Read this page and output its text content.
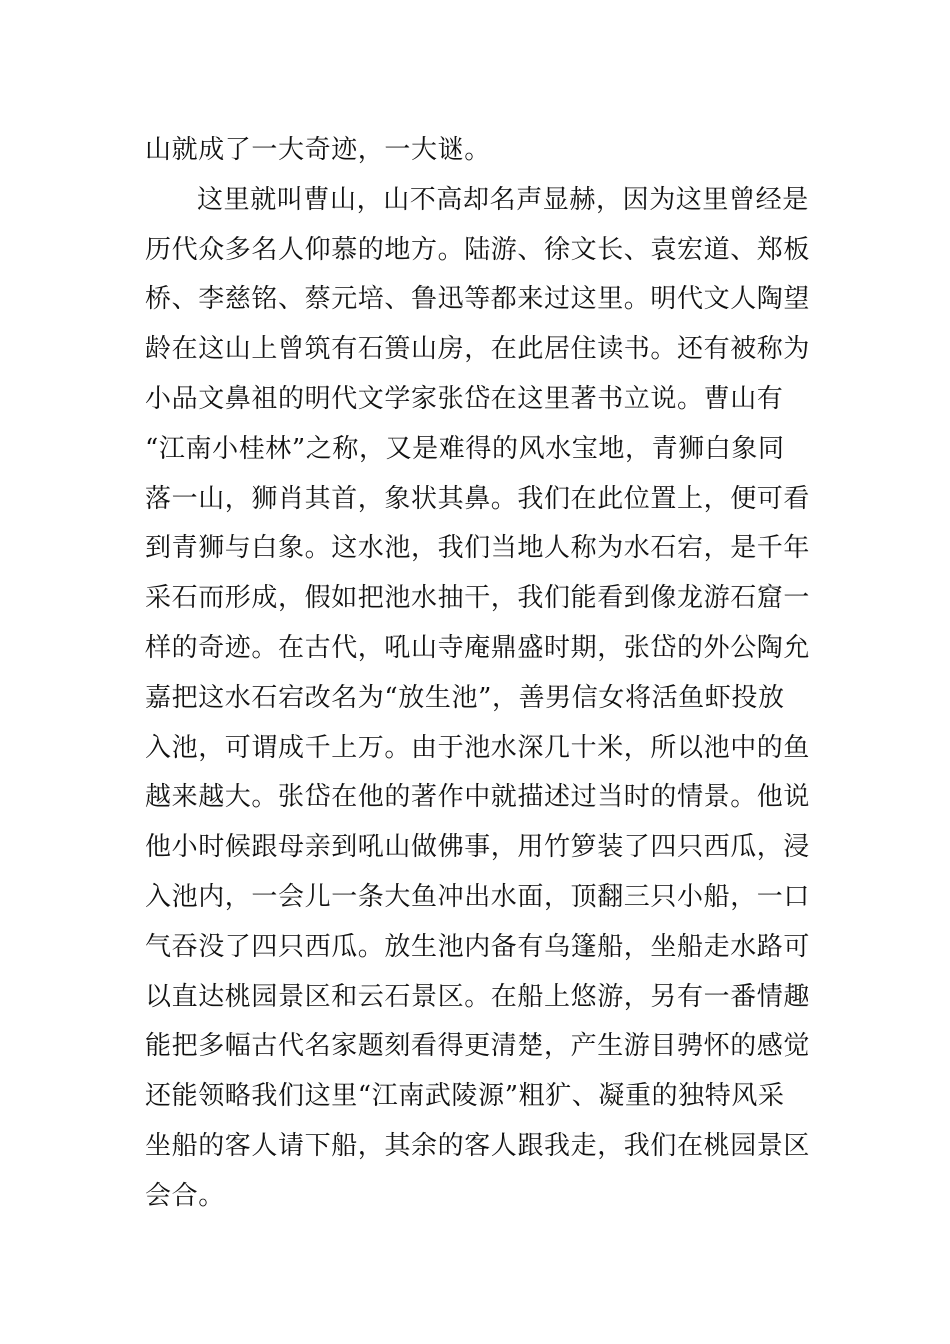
山就成了一大奇迹，一大谜。
这里就叫曹山，山不高却名声显赫，因为这里曾经是
历代众多名人仰慕的地方。陆游、徐文长、袁宏道、郑板
桥、李慈铭、蔡元培、鲁迅等都来过这里。明代文人陶望
龄在这山上曾筑有石篑山房，在此居住读书。还有被称为
小品文鼻祖的明代文学家张岱在这里著书立说。曹山有
“江南小桂林”之称，又是难得的风水宝地，青狮白象同
落一山，狮肖其首，象状其鼻。我们在此位置上，便可看
到青狮与白象。这水池，我们当地人称为水石宕，是千年
采石而形成，假如把池水抽干，我们能看到像龙游石窟一
样的奇迹。在古代，吼山寺庵鼎盛时期，张岱的外公陶允
嘉把这水石宕改名为“放生池”，善男信女将活鱼虾投放
入池，可谓成千上万。由于池水深几十米，所以池中的鱼
越来越大。张岱在他的著作中就描述过当时的情景。他说
他小时候跟母亲到吼山做佛事，用竹箩装了四只西瓜，浸
入池内，一会儿一条大鱼冲出水面，顶翻三只小船，一口
气吞没了四只西瓜。放生池内备有乌篷船，坐船走水路可
以直达桃园景区和云石景区。在船上悠游，另有一番情趣
能把多幅古代名家题刻看得更清楚，产生游目骋怀的感觉
还能领略我们这里“江南武陵源”粗犷、凝重的独特风采
坐船的客人请下船，其余的客人跟我走，我们在桃园景区
会合。
